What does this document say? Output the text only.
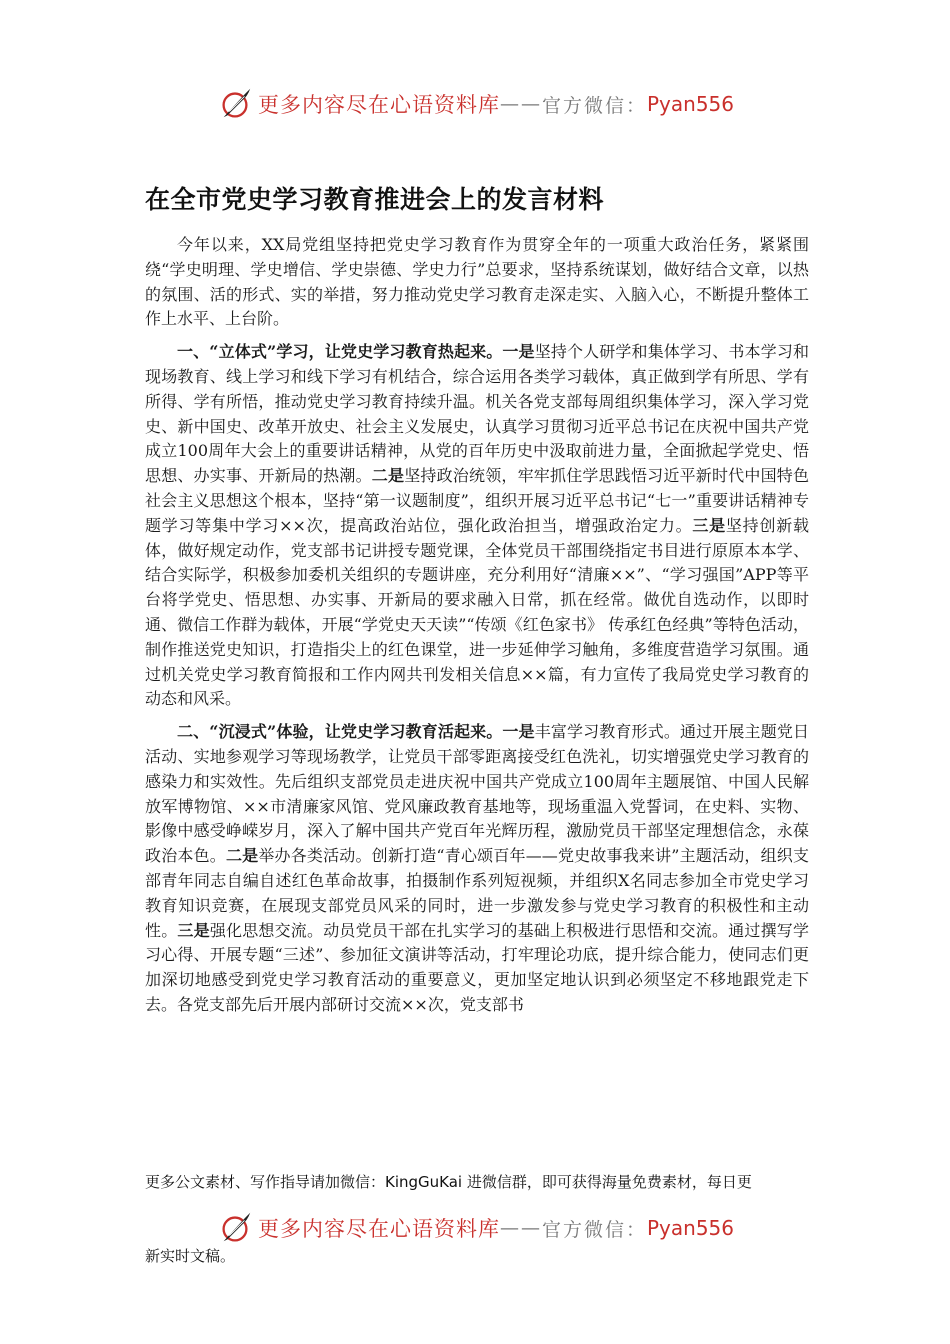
更多内容尽在心语资料库 —— 官方微信： Pyan556
在全市党史学习教育推进会上的发言材料

今年以来，XX局党组坚持把党史学习教育作为贯穿全年的一项重大政治任务，紧紧围绕“学史明理、学史增信、学史崇德、学史力行”总要求，坚持系统谋划，做好结合文章，以热的氛围、活的形式、实的举措，努力推动党史学习教育走深走实、入脑入心，不断提升整体工作上水平、上台阶。

一、“立体式”学习，让党史学习教育热起来。一是坚持个人研学和集体学习、书本学习和现场教育、线上学习和线下学习有机结合，综合运用各类学习载体，真正做到学有所思、学有所得、学有所悟，推动党史学习教育持续升温。机关各党支部每周组织集体学习，深入学习党史、新中国史、改革开放史、社会主义发展史，认真学习贯彻习近平总书记在庆祝中国共产党成立100周年大会上的重要讲话精神，从党的百年历史中汲取前进力量，全面掀起学党史、悟思想、办实事、开新局的热潮。二是坚持政治统领，牢牢抓住学思践悟习近平新时代中国特色社会主义思想这个根本，坚持“第一议题制度”，组织开展习近平总书记“七一”重要讲话精神专题学习等集中学习××次，提高政治站位，强化政治担当，增强政治定力。三是坚持创新载体，做好规定动作，党支部书记讲授专题党课，全体党员干部围绕指定书目进行原原本本学、结合实际学，积极参加委机关组织的专题讲座，充分利用好“清廉××”、“学习强国”APP等平台将学党史、悟思想、办实事、开新局的要求融入日常，抓在经常。做优自选动作，以即时通、微信工作群为载体，开展“学党史天天读”“传颂《红色家书》 传承红色经典”等特色活动，制作推送党史知识，打造指尖上的红色课堂，进一步延伸学习触角，多维度营造学习氛围。通过机关党史学习教育简报和工作内网共刊发相关信息××篇，有力宣传了我局党史学习教育的动态和风采。

二、“沉浸式”体验，让党史学习教育活起来。一是丰富学习教育形式。通过开展主题党日活动、实地参观学习等现场教学，让党员干部零距离接受红色洗礼，切实增强党史学习教育的感染力和实效性。先后组织支部党员走进庆祝中国共产党成立100周年主题展馆、中国人民解放军博物馆、××市清廉家风馆、党风廉政教育基地等，现场重温入党誓词，在史料、实物、影像中感受峥嵘岁月，深入了解中国共产党百年光辉历程，激励党员干部坚定理想信念，永葆政治本色。二是举办各类活动。创新打造“青心颂百年——党史故事我来讲”主题活动，组织支部青年同志自编自述红色革命故事，拍摄制作系列短视频，并组织X名同志参加全市党史学习教育知识竞赛，在展现支部党员风采的同时，进一步激发参与党史学习教育的积极性和主动性。三是强化思想交流。动员党员干部在扎实学习的基础上积极进行思悟和交流。通过撰写学习心得、开展专题“三述”、参加征文演讲等活动，打牢理论功底，提升综合能力，使同志们更加深切地感受到党史学习教育活动的重要意义，更加坚定地认识到必须坚定不移地跟党走下去。各党支部先后开展内部研讨交流××次，党支部书

更多公文素材、写作指导请加微信：KingGuKai 进微信群，即可获得海量免费素材，每日更
更多内容尽在心语资料库 —— 官方微信： Pyan556
新实时文稿。
